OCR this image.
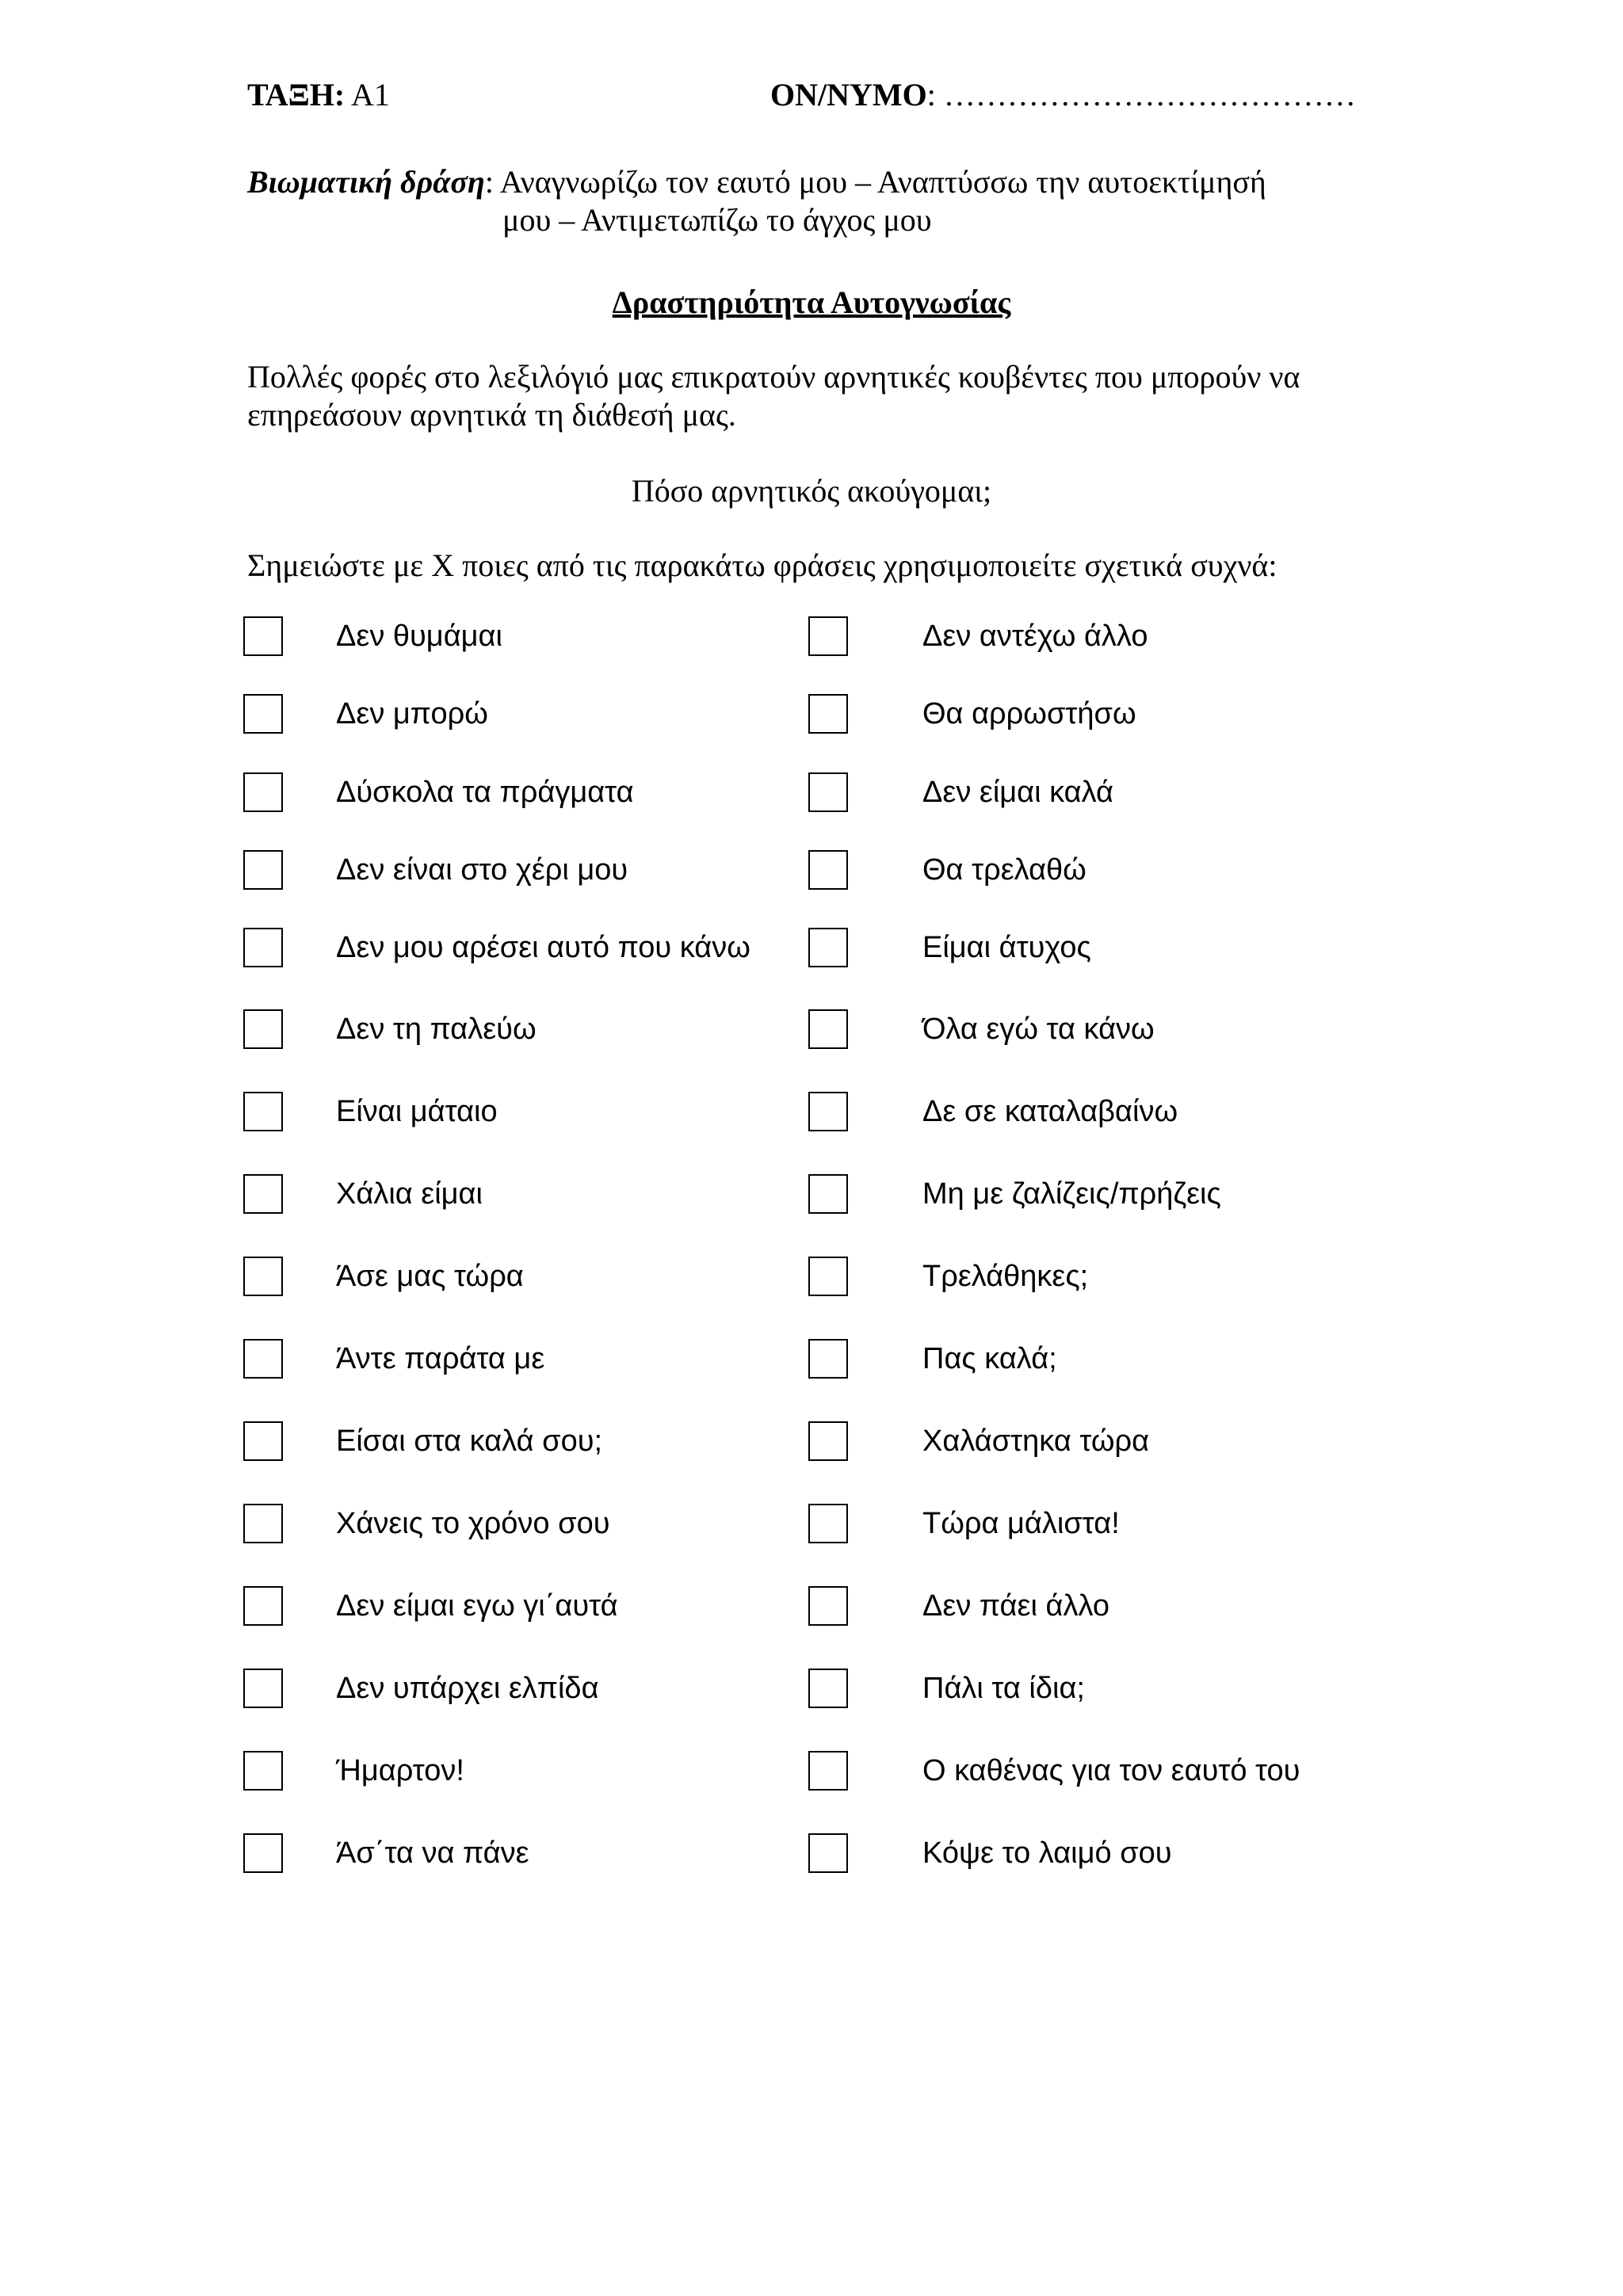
ΤΑΞΗ: Α1	ΟΝ/ΝΥΜΟ: …………………………………
Βιωματική δράση: Αναγνωρίζω τον εαυτό μου – Αναπτύσσω την αυτοεκτίμησή
μου – Αντιμετωπίζω το άγχος μου
Δραστηριότητα Αυτογνωσίας
Πολλές φορές στο λεξιλόγιό μας επικρατούν αρνητικές κουβέντες που μπορούν να επηρεάσουν αρνητικά τη διάθεσή μας.
Πόσο αρνητικός ακούγομαι;
Σημειώστε με Χ ποιες από τις παρακάτω φράσεις χρησιμοποιείτε σχετικά συχνά:
Δεν θυμάμαι
Δεν μπορώ
Δύσκολα τα πράγματα
Δεν είναι στο χέρι μου
Δεν μου αρέσει αυτό που κάνω
Δεν τη παλεύω
Είναι μάταιο
Χάλια είμαι
Άσε μας τώρα
Άντε παράτα με
Είσαι στα καλά σου;
Χάνεις το χρόνο σου
Δεν είμαι εγω γι΄αυτά
Δεν υπάρχει ελπίδα
Ήμαρτον!
Άσ΄τα να πάνε
Δεν αντέχω άλλο
Θα αρρωστήσω
Δεν είμαι καλά
Θα τρελαθώ
Είμαι άτυχος
Όλα εγώ τα κάνω
Δε σε καταλαβαίνω
Μη με ζαλίζεις/πρήζεις
Τρελάθηκες;
Πας καλά;
Χαλάστηκα τώρα
Τώρα μάλιστα!
Δεν πάει άλλο
Πάλι τα ίδια;
Ο καθένας για τον εαυτό του
Κόψε το λαιμό σου
